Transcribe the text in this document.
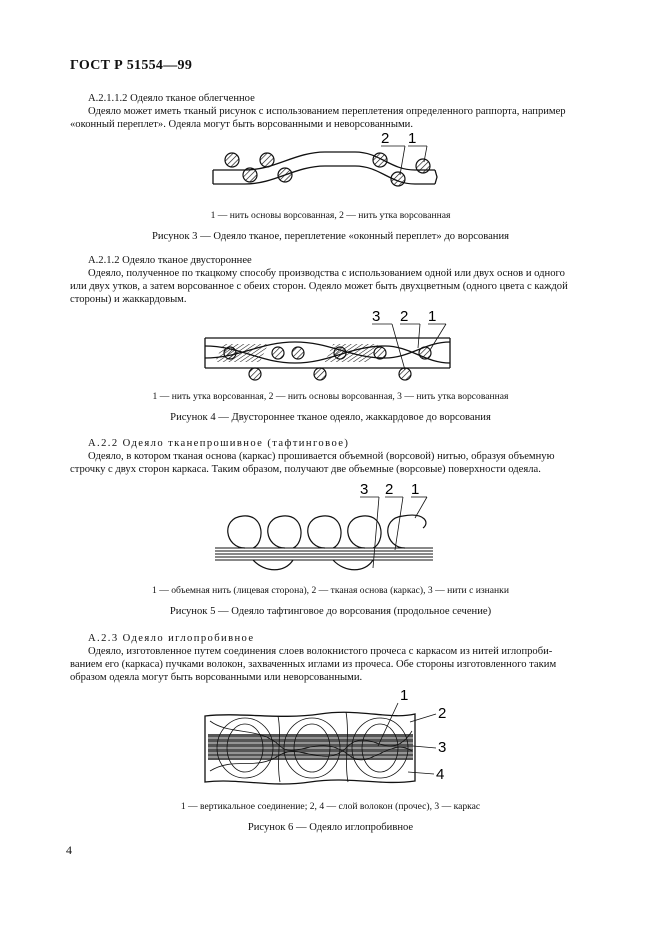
ГОСТ Р 51554—99
А.2.1.1.2 Одеяло тканое облегченное
Одеяло может иметь тканый рисунок с использованием переплетения определенного раппорта, например
«оконный переплет». Одеяла могут быть ворсованными и неворсованными.
2 1
1 — нить основы ворсованная, 2 — нить утка ворсованная
Рисунок 3 — Одеяло тканое, переплетение «оконный переплет» до ворсования
А.2.1.2 Одеяло тканое двустороннее
Одеяло, полученное по ткацкому способу производства с использованием одной или двух основ и одного
или двух утков, а затем ворсованное с обеих сторон. Одеяло может быть двухцветным (одного цвета с каждой
стороны) и жаккардовым.
3 2 1
1 — нить утка ворсованная, 2 — нить основы ворсованная, 3 — нить утка ворсованная
Рисунок 4 — Двустороннее тканое одеяло, жаккардовое до ворсования
А.2.2 Одеяло тканепрошивное (тафтинговое)
Одеяло, в котором тканая основа (каркас) прошивается объемной (ворсовой) нитью, образуя объемную
строчку с двух сторон каркаса. Таким образом, получают две объемные (ворсовые) поверхности одеяла.
3 2 1
1 — объемная нить (лицевая сторона), 2 — тканая основа (каркас), 3 — нити с изнанки
Рисунок 5 — Одеяло тафтинговое до ворсования (продольное сечение)
А.2.3 Одеяло иглопробивное
Одеяло, изготовленное путем соединения слоев волокнистого прочеса с каркасом из нитей иглопроби-
ванием его (каркаса) пучками волокон, захваченных иглами из прочеса. Обе стороны изготовленного таким
образом одеяла могут быть ворсованными или неворсованными.
1
2
3
4
1 — вертикальное соединение; 2, 4 — слой волокон (прочес), 3 — каркас
Рисунок 6 — Одеяло иглопробивное
4
